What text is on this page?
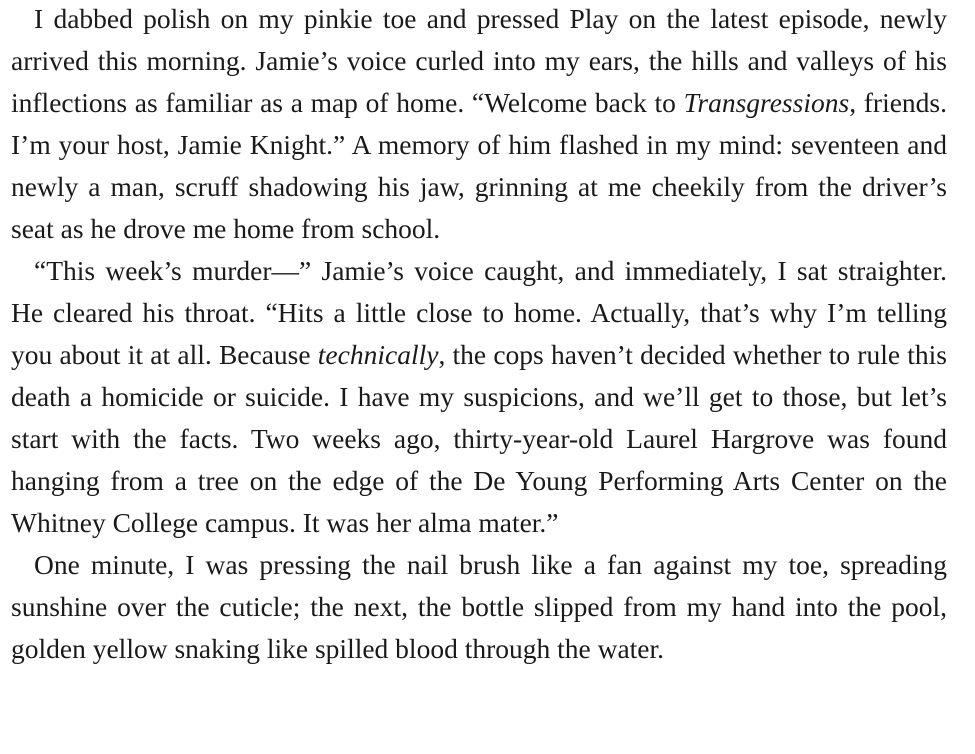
I dabbed polish on my pinkie toe and pressed Play on the latest episode, newly arrived this morning. Jamie’s voice curled into my ears, the hills and valleys of his inflections as familiar as a map of home. “Welcome back to Transgressions, friends. I’m your host, Jamie Knight.” A memory of him flashed in my mind: seventeen and newly a man, scruff shadowing his jaw, grinning at me cheekily from the driver’s seat as he drove me home from school.

“This week’s murder—” Jamie’s voice caught, and immediately, I sat straighter. He cleared his throat. “Hits a little close to home. Actually, that’s why I’m telling you about it at all. Because technically, the cops haven’t decided whether to rule this death a homicide or suicide. I have my suspicions, and we’ll get to those, but let’s start with the facts. Two weeks ago, thirty-year-old Laurel Hargrove was found hanging from a tree on the edge of the De Young Performing Arts Center on the Whitney College campus. It was her alma mater.”

One minute, I was pressing the nail brush like a fan against my toe, spreading sunshine over the cuticle; the next, the bottle slipped from my hand into the pool, golden yellow snaking like spilled blood through the water.
